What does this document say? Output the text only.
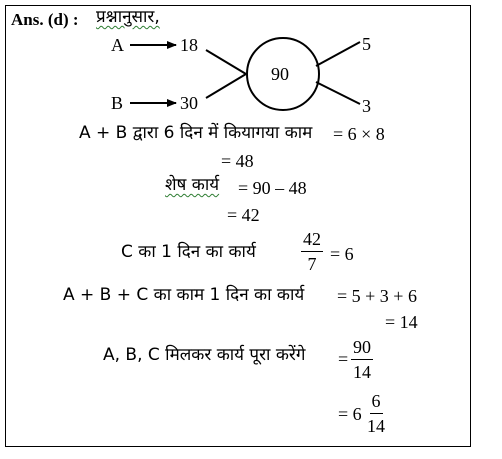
Ans. (d) : प्रश्नानुसार,
A	18
B	30
90
5
3
A + B द्वारा 6 दिन में कियागया काम = 6 × 8
= 48
शेष कार्य = 90 – 48
= 42
C का 1 दिन का कार्य	$\frac{42}{7} = 6$
A + B + C का काम 1 दिन का कार्य = 5 + 3 + 6
= 14
A, B, C मिलकर कार्य पूरा करेंगे = $\frac{90}{14}$
= $6 \frac{6}{14}$
